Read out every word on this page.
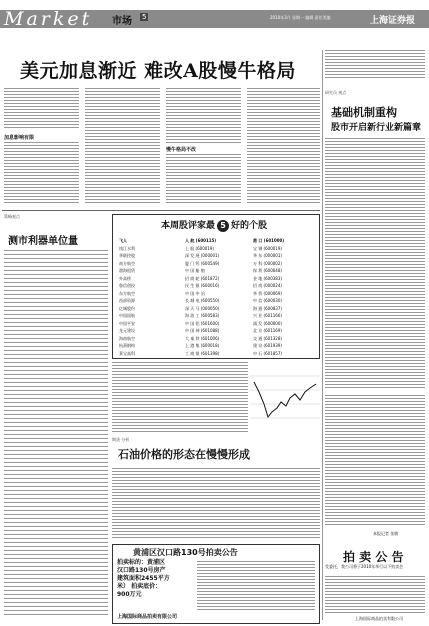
Market 市场 5	2010年3月 星期一 编辑 责任美编	上海证券报
美元加息渐近 难改A股慢牛格局
加息影响有限
慢牛格局不改
研究员 观点
基础机制重构
股市开启新行业新篇章
策略观点
测市利器单位量
本周股评家最 5 好的个股
飞人
钱江水利
华联控股
南方航空
渤海租赁
外高桥
鲁信创投
东方航空
西部资源
亿城股份
中国国航
中国平安
龙元建设
海南航空
杭萧钢构
莱宝高科
人 航 (600115)
上 航 (600019)
深 发 展 (000001)
厦 门 钨 (600549)
中 国 船 舶
招 商 轮 (601872)
民 生 银 (600016)
中 国 中 冶
长 城 电 (600550)
深 天 马 (000050)
海 油 工 (600583)
中 国 铝 (601600)
中 国 神 (601088)
大 秦 铁 (601006)
上 港 集 (600018)
工 商 银 (601398)
港 口 (601000)
宝 钢 (600019)
华 东 (000001)
万 科 (000002)
保 利 (600048)
金 地 (600383)
招 商 (000024)
华 侨 (000069)
中 信 (600030)
海 通 (600837)
兴 业 (601166)
浦 发 (600000)
北 京 (601169)
交 通 (601328)
建 设 (601939)
中 石 (601857)
期货 分析
石油价格的形态在慢慢形成
本报记者 张敏
黄浦区汉口路130号拍卖公告
拍卖标的：黄浦区
汉口路130号房产
建筑面积2455平方
米） 拍卖底价：
900万元
上海国际商品拍卖有限公司
拍 卖 公 告
受委托，我公司将于2010年举行以下拍卖会
上海国际商品拍卖有限公司
